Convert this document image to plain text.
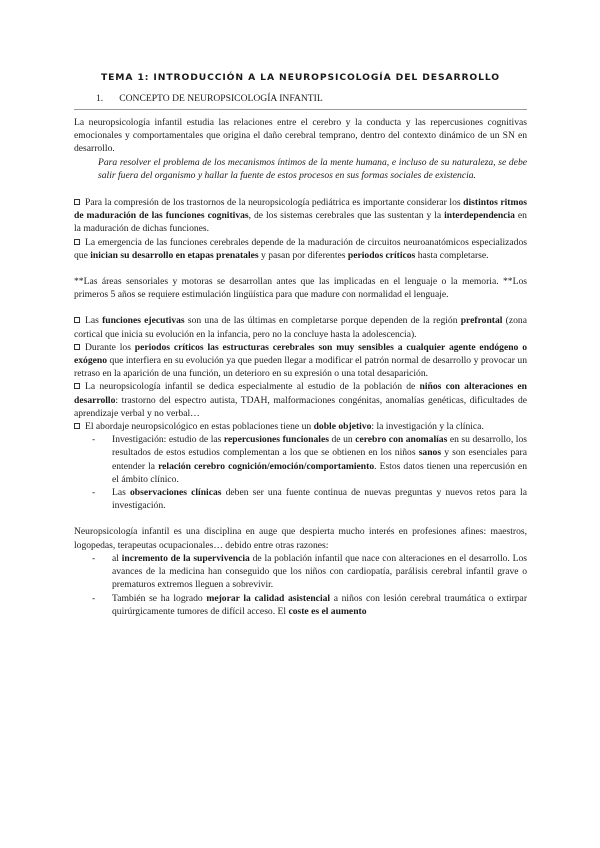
TEMA 1: INTRODUCCIÓN A LA NEUROPSICOLOGÍA DEL DESARROLLO
1. CONCEPTO DE NEUROPSICOLOGÍA INFANTIL

La neuropsicología infantil estudia las relaciones entre el cerebro y la conducta y las repercusiones cognitivas emocionales y comportamentales que origina el daño cerebral temprano, dentro del contexto dinámico de un SN en desarrollo.

Para resolver el problema de los mecanismos íntimos de la mente humana, e incluso de su naturaleza, se debe salir fuera del organismo y hallar la fuente de estos procesos en sus formas sociales de existencia.

Para la compresión de los trastornos de la neuropsicología pediátrica es importante considerar los distintos ritmos de maduración de las funciones cognitivas, de los sistemas cerebrales que las sustentan y la interdependencia en la maduración de dichas funciones.

La emergencia de las funciones cerebrales depende de la maduración de circuitos neuroanatómicos especializados que inician su desarrollo en etapas prenatales y pasan por diferentes periodos críticos hasta completarse.

**Las áreas sensoriales y motoras se desarrollan antes que las implicadas en el lenguaje o la memoria. **Los primeros 5 años se requiere estimulación lingüística para que madure con normalidad el lenguaje.

Las funciones ejecutivas son una de las últimas en completarse porque dependen de la región prefrontal (zona cortical que inicia su evolución en la infancia, pero no la concluye hasta la adolescencia).

Durante los periodos críticos las estructuras cerebrales son muy sensibles a cualquier agente endógeno o exógeno que interfiera en su evolución ya que pueden llegar a modificar el patrón normal de desarrollo y provocar un retraso en la aparición de una función, un deterioro en su expresión o una total desaparición.

La neuropsicología infantil se dedica especialmente al estudio de la población de niños con alteraciones en desarrollo: trastorno del espectro autista, TDAH, malformaciones congénitas, anomalías genéticas, dificultades de aprendizaje verbal y no verbal…

El abordaje neuropsicológico en estas poblaciones tiene un doble objetivo: la investigación y la clínica.

- Investigación: estudio de las repercusiones funcionales de un cerebro con anomalías en su desarrollo, los resultados de estos estudios complementan a los que se obtienen en los niños sanos y son esenciales para entender la relación cerebro cognición/emoción/comportamiento. Estos datos tienen una repercusión en el ámbito clínico.
- Las observaciones clínicas deben ser una fuente continua de nuevas preguntas y nuevos retos para la investigación.

Neuropsicología infantil es una disciplina en auge que despierta mucho interés en profesiones afines: maestros, logopedas, terapeutas ocupacionales… debido entre otras razones:

- al incremento de la supervivencia de la población infantil que nace con alteraciones en el desarrollo. Los avances de la medicina han conseguido que los niños con cardiopatía, parálisis cerebral infantil grave o prematuros extremos lleguen a sobrevivir.
- También se ha logrado mejorar la calidad asistencial a niños con lesión cerebral traumática o extirpar quirúrgicamente tumores de difícil acceso. El coste es el aumento
